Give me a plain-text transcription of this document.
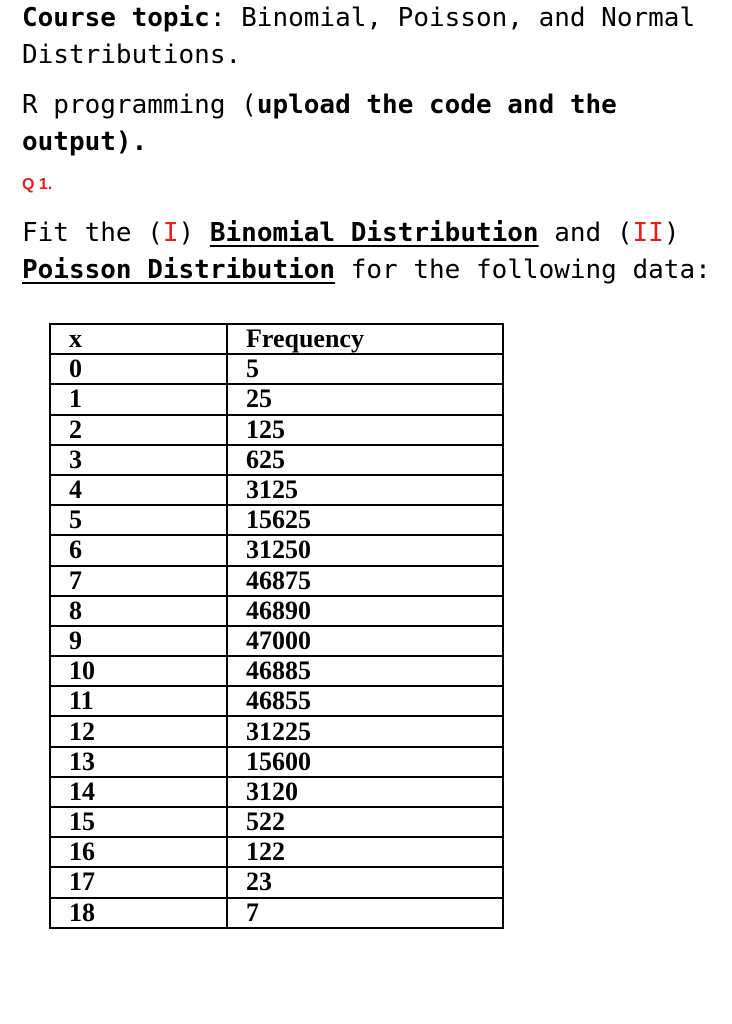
Course topic: Binomial, Poisson, and Normal
Distributions.
R programming (upload the code and the
output).
Q 1.
Fit the (I) Binomial Distribution and (II)
Poisson Distribution for the following data:
x	Frequency
0	5
1	25
2	125
3	625
4	3125
5	15625
6	31250
7	46875
8	46890
9	47000
10	46885
11	46855
12	31225
13	15600
14	3120
15	522
16	122
17	23
18	7
